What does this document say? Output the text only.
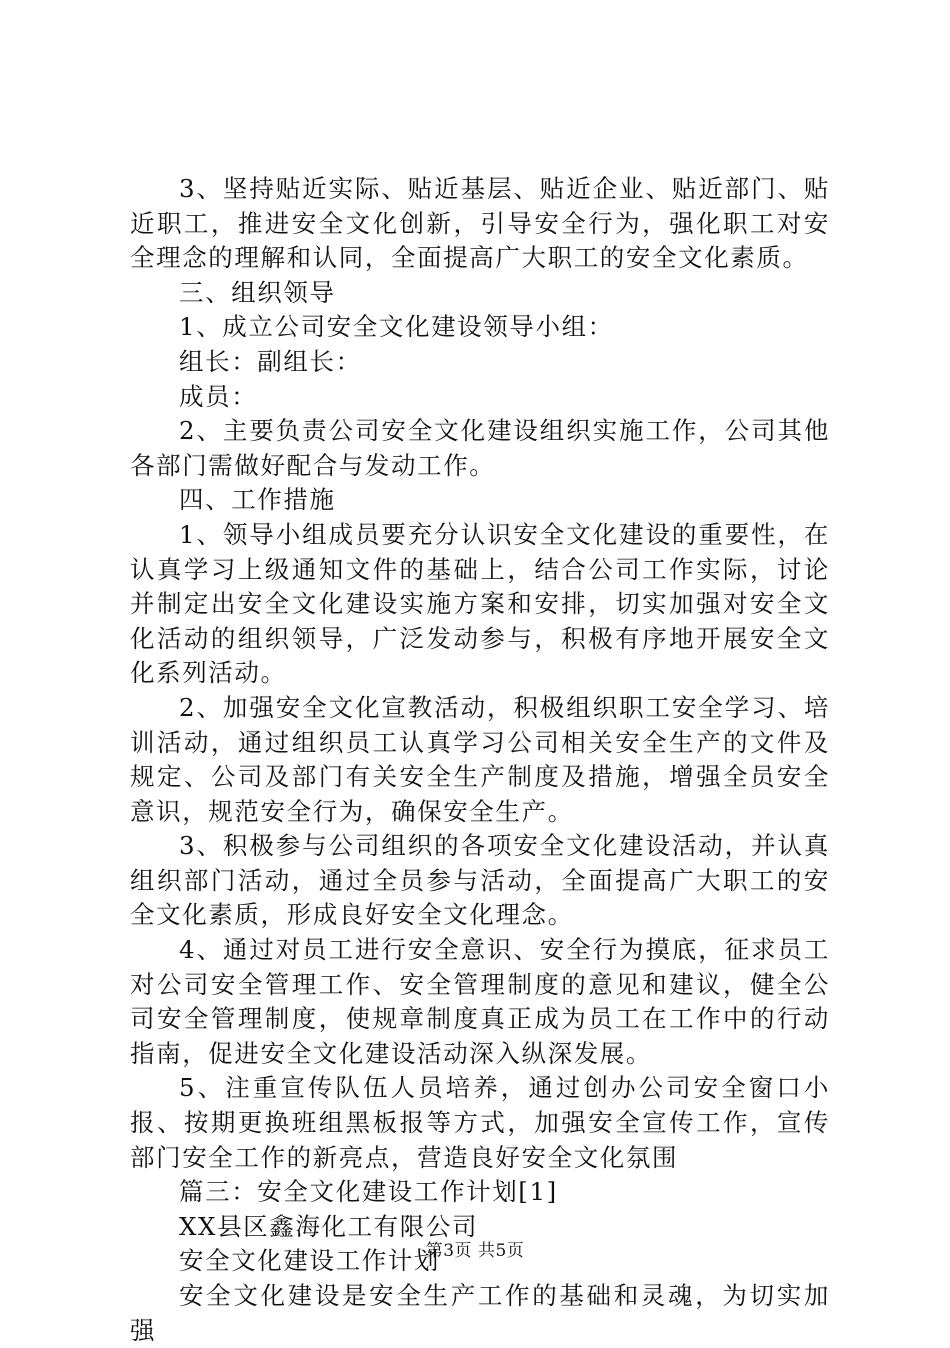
3、坚持贴近实际、贴近基层、贴近企业、贴近部门、贴近职工，推进安全文化创新，引导安全行为，强化职工对安全理念的理解和认同，全面提高广大职工的安全文化素质。

三、组织领导

1、成立公司安全文化建设领导小组：

组长：副组长：

成员：

2、主要负责公司安全文化建设组织实施工作，公司其他各部门需做好配合与发动工作。

四、工作措施

1、领导小组成员要充分认识安全文化建设的重要性，在认真学习上级通知文件的基础上，结合公司工作实际，讨论并制定出安全文化建设实施方案和安排，切实加强对安全文化活动的组织领导，广泛发动参与，积极有序地开展安全文化系列活动。

2、加强安全文化宣教活动，积极组织职工安全学习、培训活动，通过组织员工认真学习公司相关安全生产的文件及规定、公司及部门有关安全生产制度及措施，增强全员安全意识，规范安全行为，确保安全生产。

3、积极参与公司组织的各项安全文化建设活动，并认真组织部门活动，通过全员参与活动，全面提高广大职工的安全文化素质，形成良好安全文化理念。

4、通过对员工进行安全意识、安全行为摸底，征求员工对公司安全管理工作、安全管理制度的意见和建议，健全公司安全管理制度，使规章制度真正成为员工在工作中的行动指南，促进安全文化建设活动深入纵深发展。

5、注重宣传队伍人员培养，通过创办公司安全窗口小报、按期更换班组黑板报等方式，加强安全宣传工作，宣传部门安全工作的新亮点，营造良好安全文化氛围

篇三：安全文化建设工作计划[1]

XX县区鑫海化工有限公司

安全文化建设工作计划

安全文化建设是安全生产工作的基础和灵魂，为切实加强

第3页 共5页
